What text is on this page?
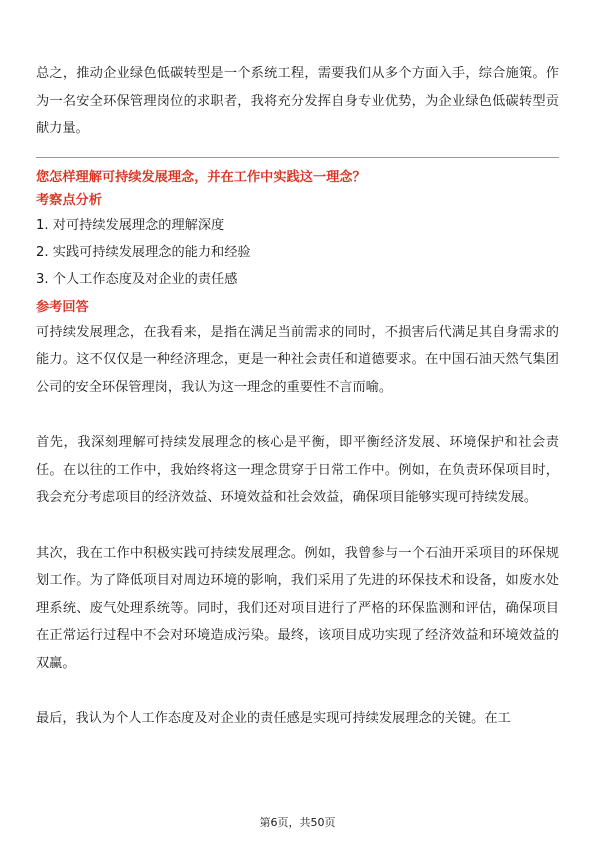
总之，推动企业绿色低碳转型是一个系统工程，需要我们从多个方面入手，综合施策。作为一名安全环保管理岗位的求职者，我将充分发挥自身专业优势，为企业绿色低碳转型贡献力量。

您怎样理解可持续发展理念，并在工作中实践这一理念？

考察点分析

1. 对可持续发展理念的理解深度

2. 实践可持续发展理念的能力和经验

3. 个人工作态度及对企业的责任感

参考回答

可持续发展理念，在我看来，是指在满足当前需求的同时，不损害后代满足其自身需求的能力。这不仅仅是一种经济理念，更是一种社会责任和道德要求。在中国石油天然气集团公司的安全环保管理岗，我认为这一理念的重要性不言而喻。

首先，我深刻理解可持续发展理念的核心是平衡，即平衡经济发展、环境保护和社会责任。在以往的工作中，我始终将这一理念贯穿于日常工作中。例如，在负责环保项目时，我会充分考虑项目的经济效益、环境效益和社会效益，确保项目能够实现可持续发展。

其次，我在工作中积极实践可持续发展理念。例如，我曾参与一个石油开采项目的环保规划工作。为了降低项目对周边环境的影响，我们采用了先进的环保技术和设备，如废水处理系统、废气处理系统等。同时，我们还对项目进行了严格的环保监测和评估，确保项目在正常运行过程中不会对环境造成污染。最终，该项目成功实现了经济效益和环境效益的双赢。

最后，我认为个人工作态度及对企业的责任感是实现可持续发展理念的关键。在工

第6页，共50页
